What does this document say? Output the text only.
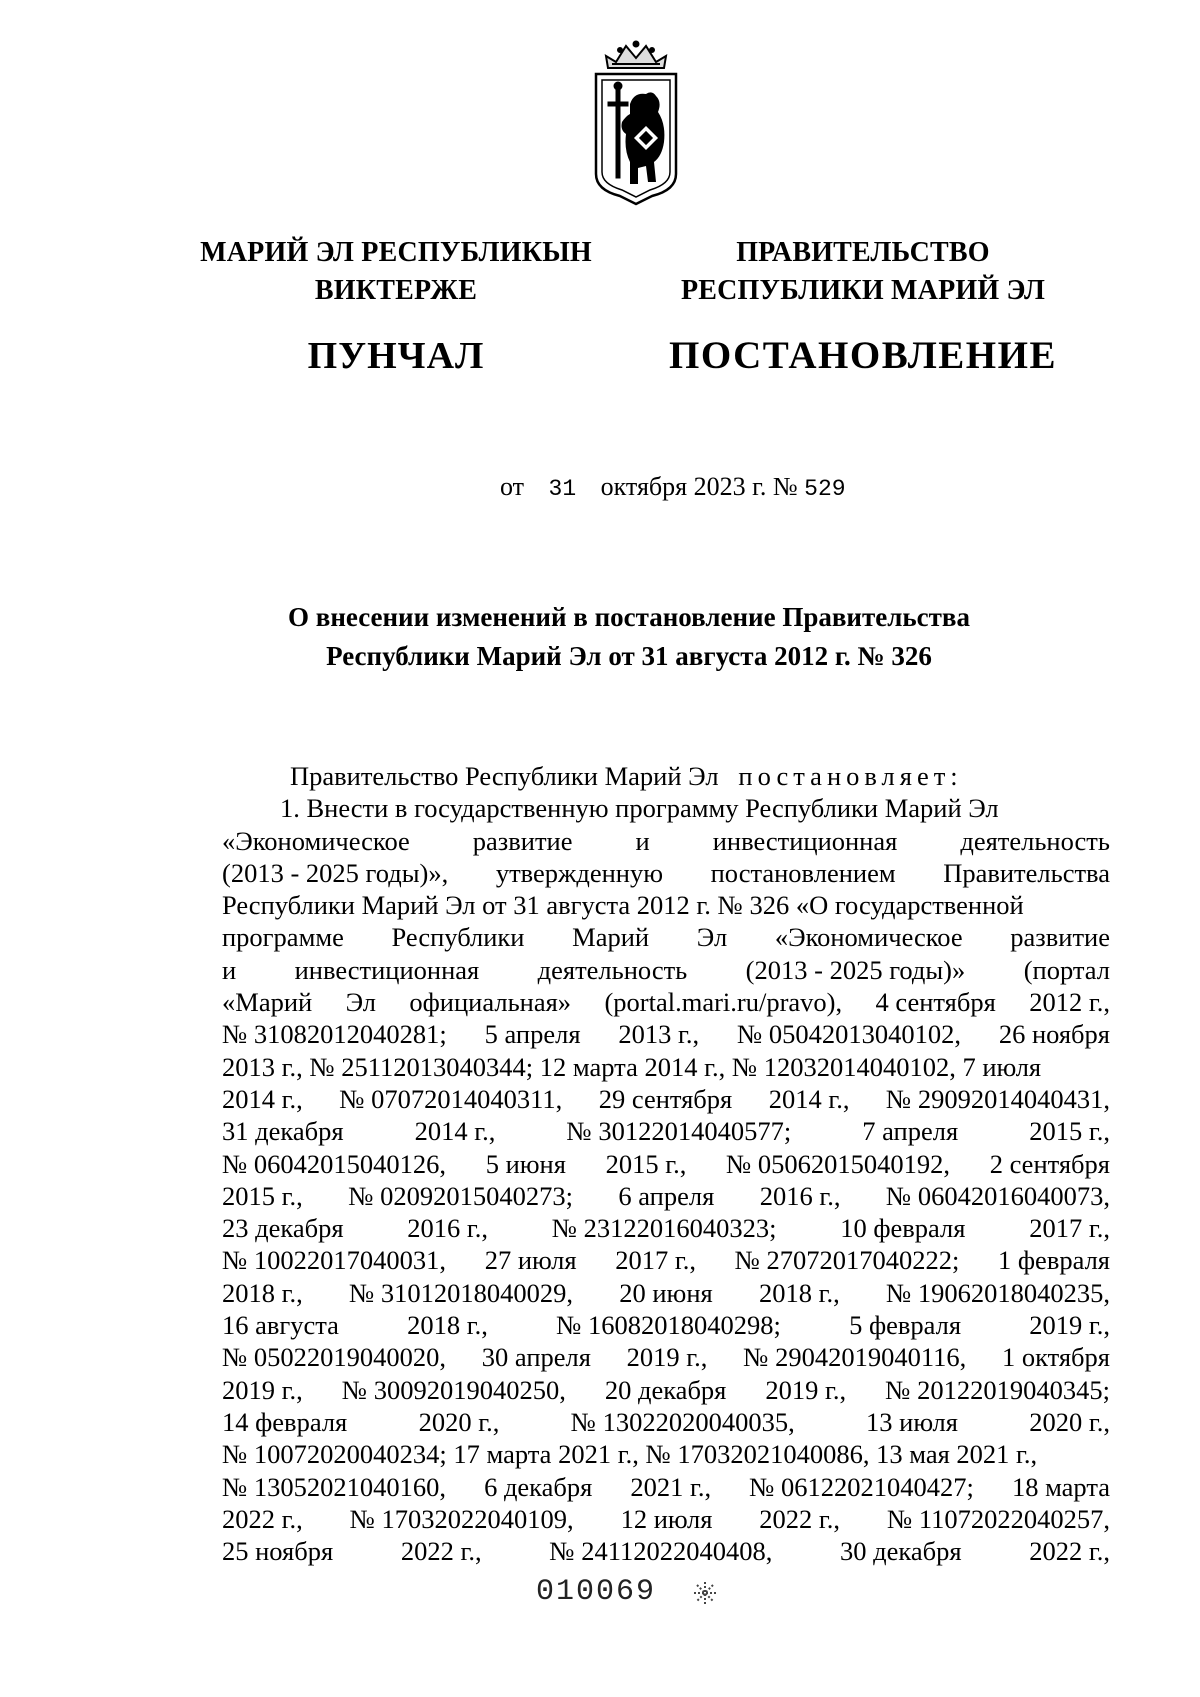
МАРИЙ ЭЛ РЕСПУБЛИКЫН
ВИКТЕРЖЕ
ПУНЧАЛ
ПРАВИТЕЛЬСТВО
РЕСПУБЛИКИ МАРИЙ ЭЛ
ПОСТАНОВЛЕНИЕ
от 31 октября 2023 г. № 529
О внесении изменений в постановление Правительства
Республики Марий Эл от 31 августа 2012 г. № 326
Правительство Республики Марий Эл постановляет:
1. Внести в государственную программу Республики Марий Эл
«Экономическое развитие и инвестиционная деятельность
(2013 - 2025 годы)», утвержденную постановлением Правительства
Республики Марий Эл от 31 августа 2012 г. № 326 «О государственной
программе Республики Марий Эл «Экономическое развитие
и инвестиционная деятельность (2013 - 2025 годы)» (портал
«Марий Эл официальная» (portal.mari.ru/pravo), 4 сентября 2012 г.,
№ 31082012040281; 5 апреля 2013 г., № 05042013040102, 26 ноября
2013 г., № 25112013040344; 12 марта 2014 г., № 12032014040102, 7 июля
2014 г., № 07072014040311, 29 сентября 2014 г., № 29092014040431,
31 декабря	2014 г.,	№ 30122014040577;	7 апреля	2015 г.,
№ 06042015040126, 5 июня 2015 г., № 05062015040192, 2 сентября
2015 г., № 02092015040273; 6 апреля 2016 г., № 06042016040073,
23 декабря 2016 г., № 23122016040323; 10 февраля 2017 г.,
№ 10022017040031, 27 июля 2017 г., № 27072017040222; 1 февраля
2018 г., № 31012018040029, 20 июня 2018 г., № 19062018040235,
16 августа	2018 г.,	№ 16082018040298;	5 февраля	2019 г.,
№ 05022019040020, 30 апреля 2019 г., № 29042019040116, 1 октября
2019 г., № 30092019040250, 20 декабря 2019 г., № 20122019040345;
14 февраля	2020 г.,	№ 13022020040035,	13 июля	2020 г.,
№ 10072020040234; 17 марта 2021 г., № 17032021040086, 13 мая 2021 г.,
№ 13052021040160, 6 декабря 2021 г., № 06122021040427; 18 марта
2022 г., № 17032022040109, 12 июля 2022 г., № 11072022040257,
25 ноября	2022 г.,	№ 24112022040408,	30 декабря	2022 г.,
010069
